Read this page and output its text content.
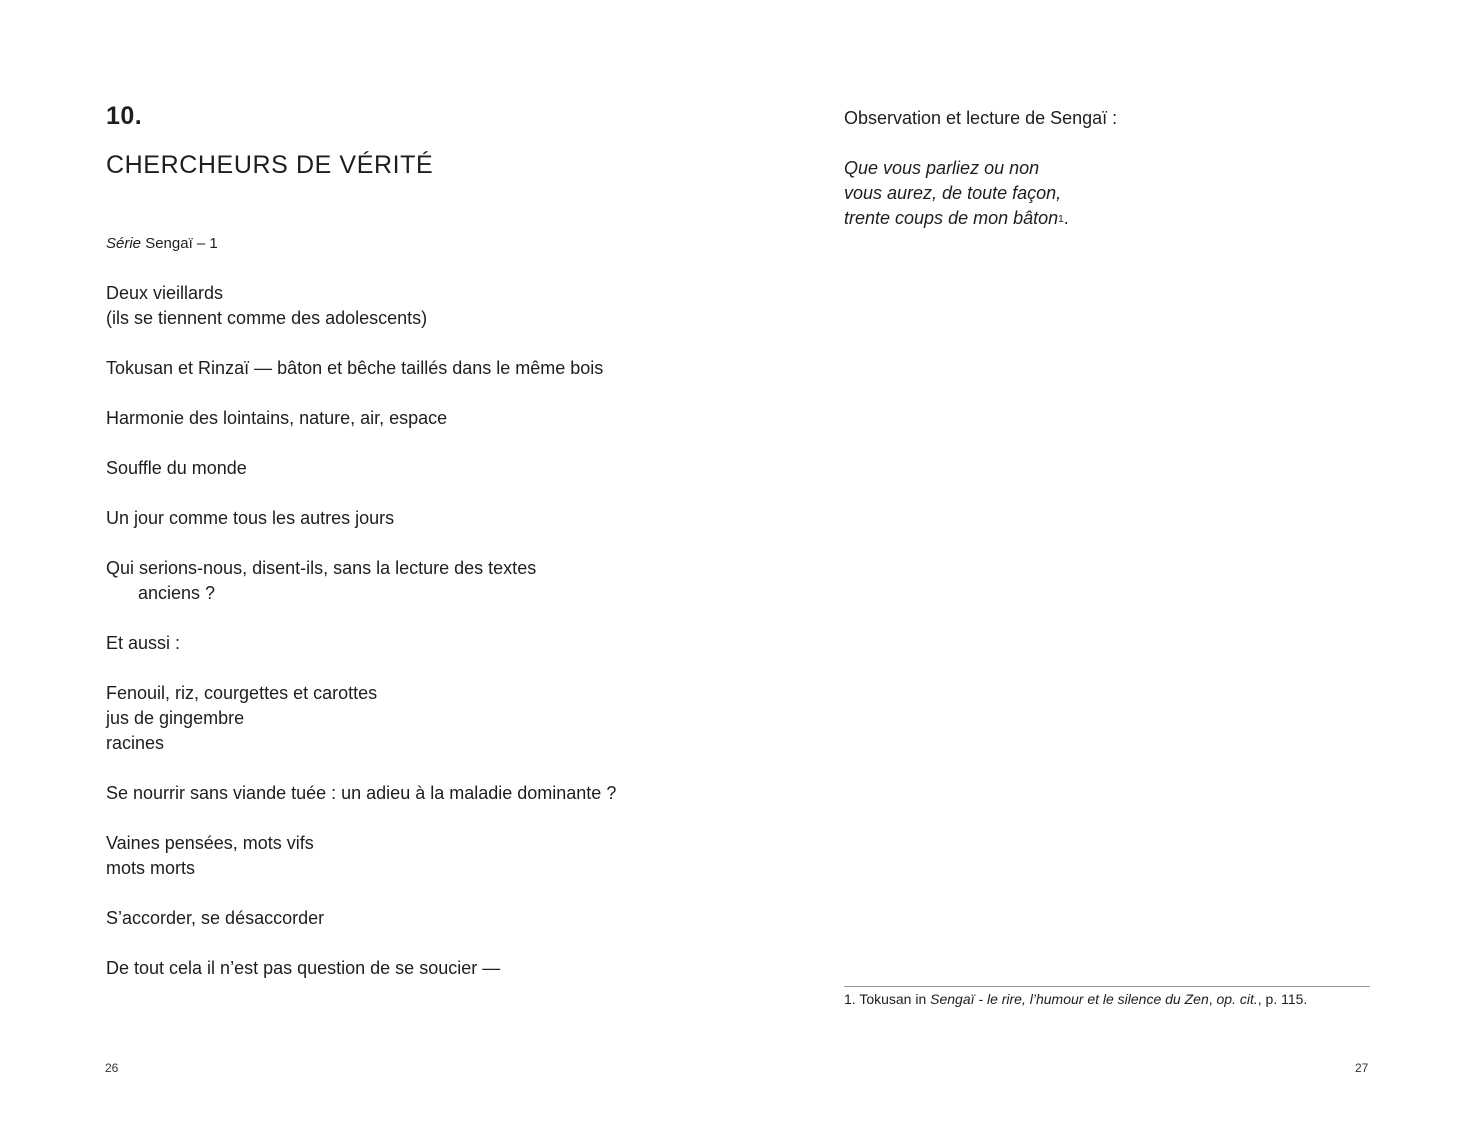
10.
CHERCHEURS DE VÉRITÉ

Série Sengaï – 1

Deux vieillards

(ils se tiennent comme des adolescents)

Tokusan et Rinzaï — bâton et bêche taillés dans le même bois

Harmonie des lointains, nature, air, espace

Souffle du monde

Un jour comme tous les autres jours

Qui serions-nous, disent-ils, sans la lecture des textes

anciens ?

Et aussi :

Fenouil, riz, courgettes et carottes

jus de gingembre

racines

Se nourrir sans viande tuée : un adieu à la maladie dominante ?

Vaines pensées, mots vifs

mots morts

S’accorder, se désaccorder

De tout cela il n’est pas question de se soucier —

26

Observation et lecture de Sengaï :

Que vous parliez ou non

vous aurez, de toute façon,

trente coups de mon bâton$^1$.

1. Tokusan in Sengaï - le rire, l’humour et le silence du Zen, op. cit., p. 115.

27
